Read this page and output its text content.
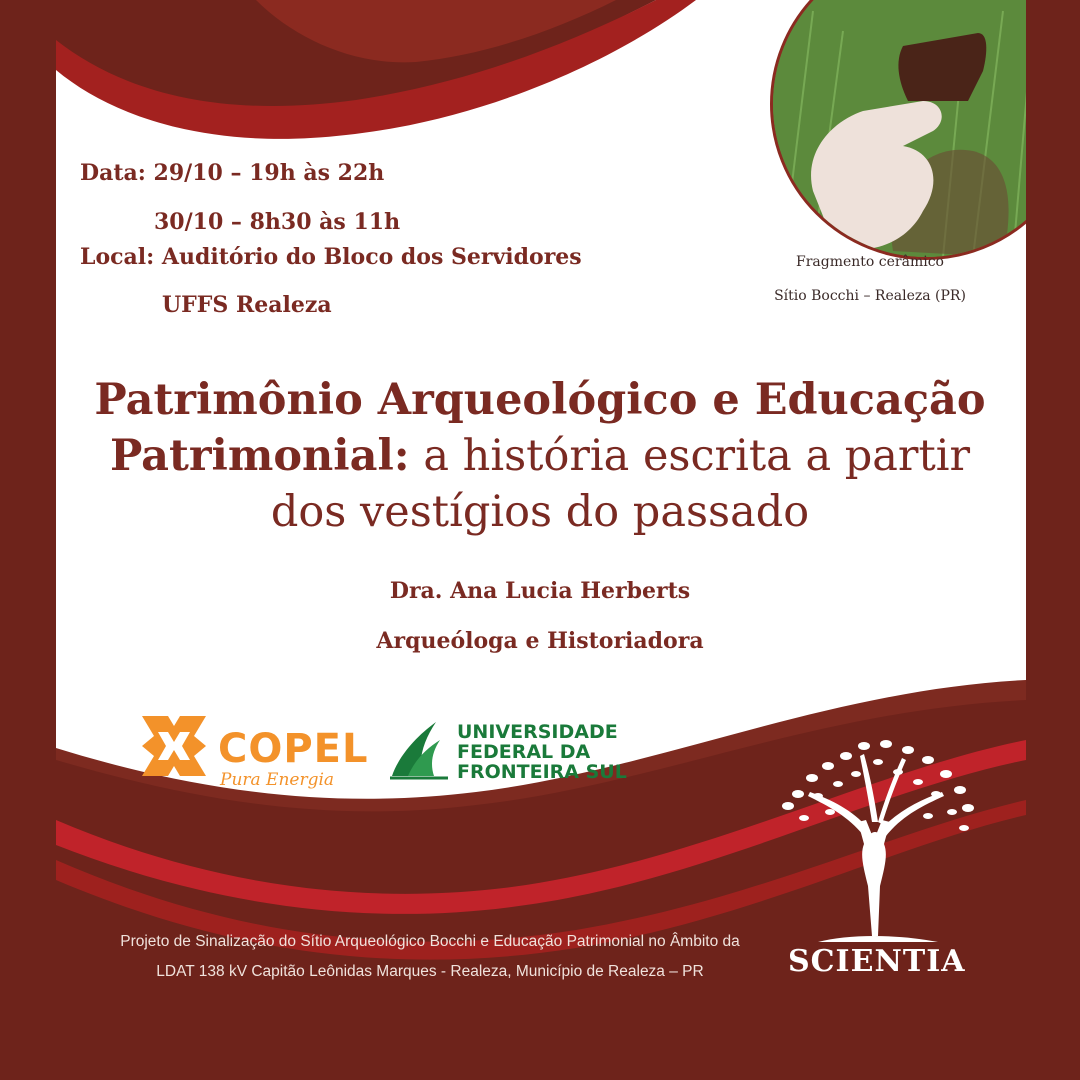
Data: 29/10 – 19h às 22h
30/10 – 8h30 às 11h
Local: Auditório do Bloco dos Servidores
UFFS Realeza
Fragmento cerâmico
Sítio Bocchi – Realeza (PR)
Patrimônio Arqueológico e Educação
Patrimonial: a história escrita a partir
dos vestígios do passado
Dra. Ana Lucia Herberts
Arqueóloga e Historiadora
COPEL
Pura Energia
UNIVERSIDADE
FEDERAL DA
FRONTEIRA SUL
SCIENTIA
Projeto de Sinalização do Sítio Arqueológico Bocchi e Educação Patrimonial no Âmbito da
LDAT 138 kV Capitão Leônidas Marques - Realeza, Município de Realeza – PR
